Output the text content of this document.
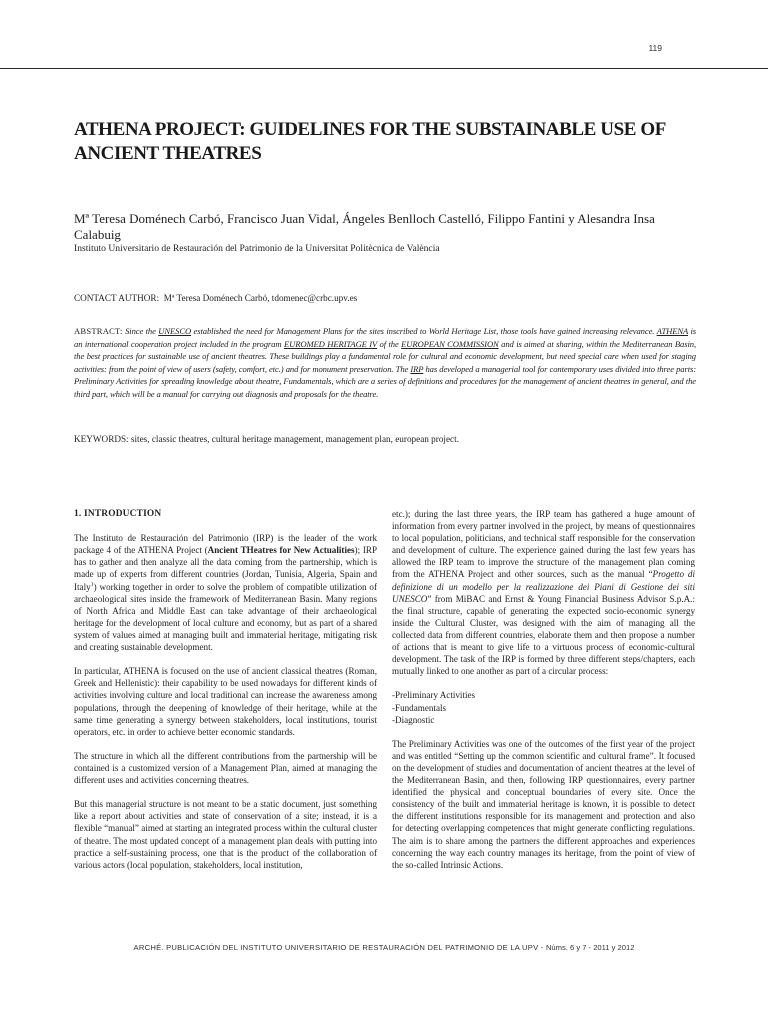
119
ATHENA PROJECT: GUIDELINES FOR THE SUBSTAINABLE USE OF ANCIENT THEATRES
Mª Teresa Doménech Carbó, Francisco Juan Vidal, Ángeles Benlloch Castelló, Filippo Fantini y Alesandra Insa Calabuig
Instituto Universitario de Restauración del Patrimonio de la Universitat Politècnica de València
CONTACT AUTHOR: Mª Teresa Doménech Carbó, tdomenec@crbc.upv.es
ABSTRACT: Since the UNESCO established the need for Management Plans for the sites inscribed to World Heritage List, those tools have gained increasing relevance. ATHENA is an international cooperation project included in the program EUROMED HERITAGE IV of the EUROPEAN COMMISSION and is aimed at sharing, within the Mediterranean Basin, the best practices for sustainable use of ancient theatres. These buildings play a fundamental role for cultural and economic development, but need special care when used for staging activities: from the point of view of users (safety, comfort, etc.) and for monument preservation. The IRP has developed a managerial tool for contemporary uses divided into three parts: Preliminary Activities for spreading knowledge about theatre, Fundamentals, which are a series of definitions and procedures for the management of ancient theatres in general, and the third part, which will be a manual for carrying out diagnosis and proposals for the theatre.
KEYWORDS: sites, classic theatres, cultural heritage management, management plan, european project.
1. INTRODUCTION

The Instituto de Restauración del Patrimonio (IRP) is the leader of the work package 4 of the ATHENA Project (Ancient THeatres for New Actualities); IRP has to gather and then analyze all the data coming from the partnership, which is made up of experts from different countries (Jordan, Tunisia, Algeria, Spain and Italy$^1$) working together in order to solve the problem of compatible utilization of archaeological sites inside the framework of Mediterranean Basin. Many regions of North Africa and Middle East can take advantage of their archaeological heritage for the development of local culture and economy, but as part of a shared system of values aimed at managing built and immaterial heritage, mitigating risk and creating sustainable development.

In particular, ATHENA is focused on the use of ancient classical theatres (Roman, Greek and Hellenistic): their capability to be used nowadays for different kinds of activities involving culture and local traditional can increase the awareness among populations, through the deepening of knowledge of their heritage, while at the same time generating a synergy between stakeholders, local institutions, tourist operators, etc. in order to achieve better economic standards.

The structure in which all the different contributions from the partnership will be contained is a customized version of a Management Plan, aimed at managing the different uses and activities concerning theatres.

But this managerial structure is not meant to be a static document, just something like a report about activities and state of conservation of a site; instead, it is a flexible “manual” aimed at starting an integrated process within the cultural cluster of theatre. The most updated concept of a management plan deals with putting into practice a self-sustaining process, one that is the product of the collaboration of various actors (local population, stakeholders, local institution,

etc.); during the last three years, the IRP team has gathered a huge amount of information from every partner involved in the project, by means of questionnaires to local population, politicians, and technical staff responsible for the conservation and development of culture. The experience gained during the last few years has allowed the IRP team to improve the structure of the management plan coming from the ATHENA Project and other sources, such as the manual “Progetto di definizione di un modello per la realizzazione dei Piani di Gestione dei siti UNESCO” from MiBAC and Ernst & Young Financial Business Advisor S.p.A.: the final structure, capable of generating the expected socio-economic synergy inside the Cultural Cluster, was designed with the aim of managing all the collected data from different countries, elaborate them and then propose a number of actions that is meant to give life to a virtuous process of economic-cultural development. The task of the IRP is formed by three different steps/chapters, each mutually linked to one another as part of a circular process:

-Preliminary Activities
-Fundamentals
-Diagnostic

The Preliminary Activities was one of the outcomes of the first year of the project and was entitled “Setting up the common scientific and cultural frame”. It focused on the development of studies and documentation of ancient theatres at the level of the Mediterranean Basin, and then, following IRP questionnaires, every partner identified the physical and conceptual boundaries of every site. Once the consistency of the built and immaterial heritage is known, it is possible to detect the different institutions responsible for its management and protection and also for detecting overlapping competences that might generate conflicting regulations. The aim is to share among the partners the different approaches and experiences concerning the way each country manages its heritage, from the point of view of the so-called Intrinsic Actions.

ARCHÉ. PUBLICACIÓN DEL INSTITUTO UNIVERSITARIO DE RESTAURACIÓN DEL PATRIMONIO DE LA UPV - Núms. 6 y 7 - 2011 y 2012
